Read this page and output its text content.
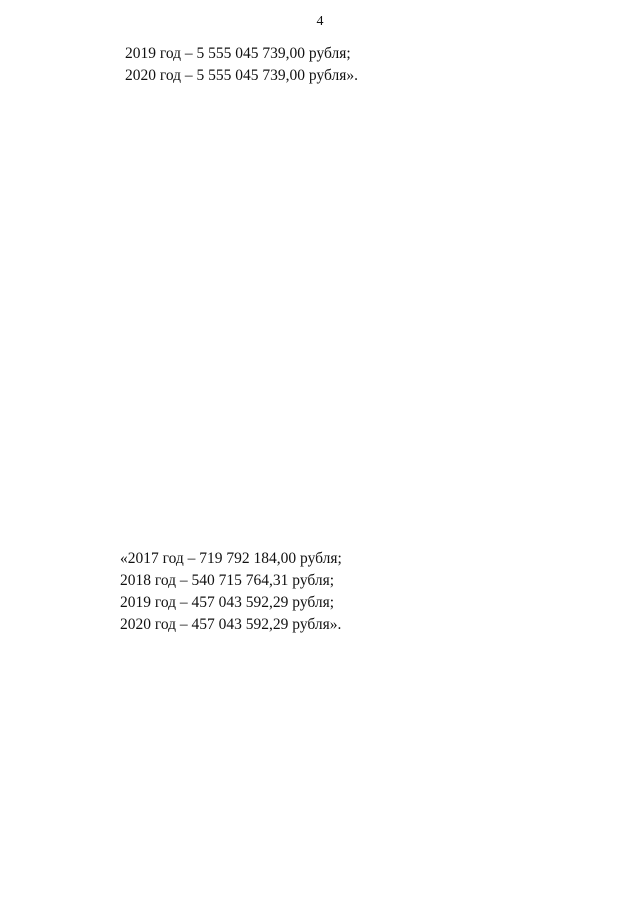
4
2019 год – 5 555 045 739,00 рубля;
2020 год – 5 555 045 739,00 рубля».
«2017 год – 719 792 184,00 рубля;
2018 год – 540 715 764,31 рубля;
2019 год – 457 043 592,29 рубля;
2020 год – 457 043 592,29 рубля».
